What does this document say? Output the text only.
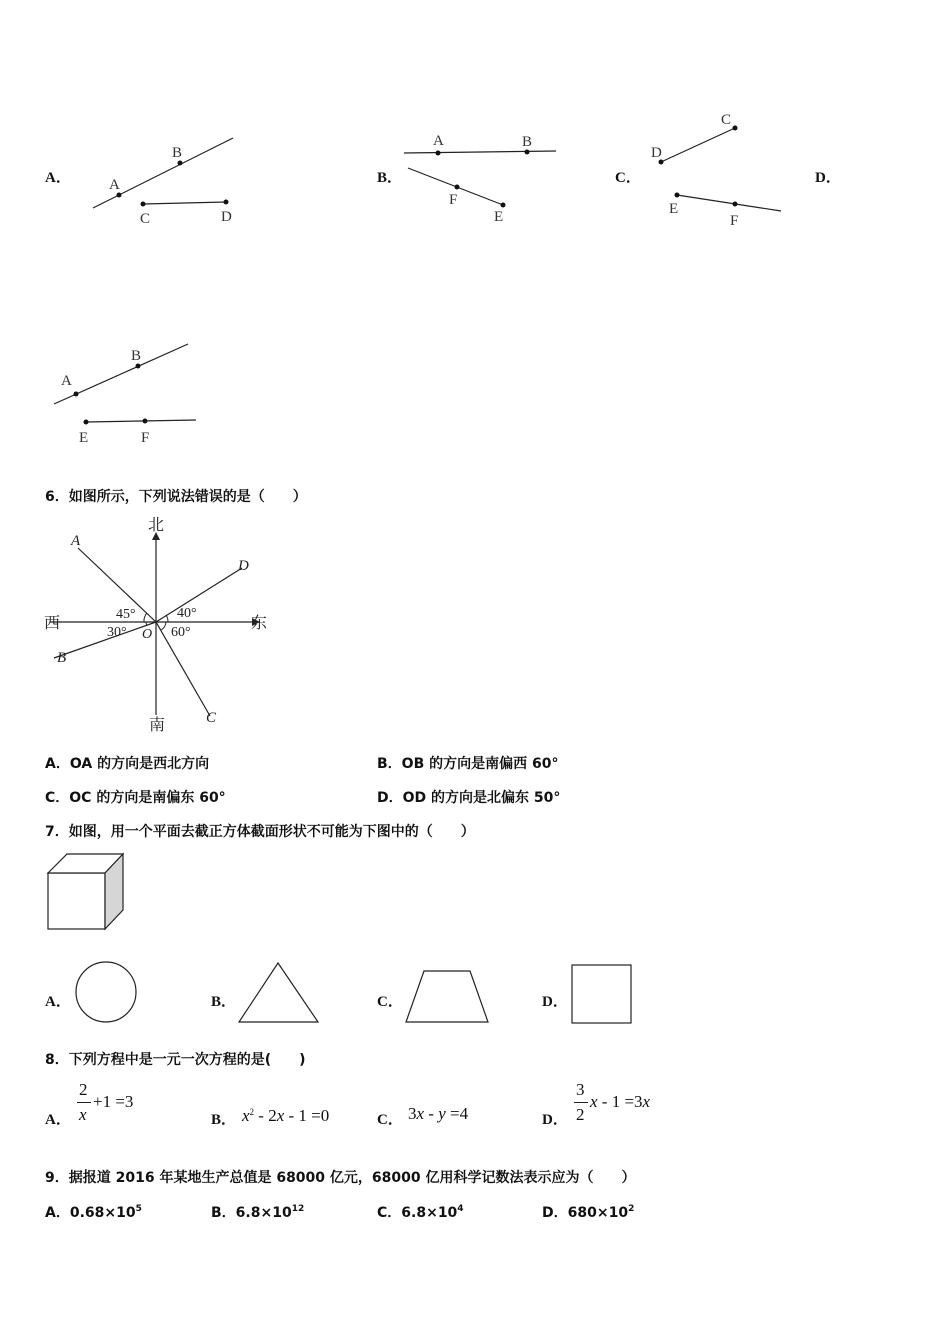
A．	B．	C．	D．
A
B
C	D
A	B
F
E
C
D
E
F
A
B
E	F
6．如图所示，下列说法错误的是（　　）
北
南
东
西
A
B
C
D
O
45°
30°
40°
60°
A．OA 的方向是西北方向	B．OB 的方向是南偏西 60°
C．OC 的方向是南偏东 60°	D．OD 的方向是北偏东 50°
7．如图，用一个平面去截正方体截面形状不可能为下图中的（　　）
A．	B．	C．	D．
8．下列方程中是一元一次方程的是(　　)
A．
2
x
+1 =3
B． $x^2 - 2x - 1 =0$	C． 3x - y =4	D．
3
2
x - 1 =3x
9．据报道 2016 年某地生产总值是 68000 亿元，68000 亿用科学记数法表示应为（　　）
A．$0.68\times 10^5$	B．$6.8\times 10^{12}$	C．$6.8\times 10^4$	D．$680\times 10^2$
